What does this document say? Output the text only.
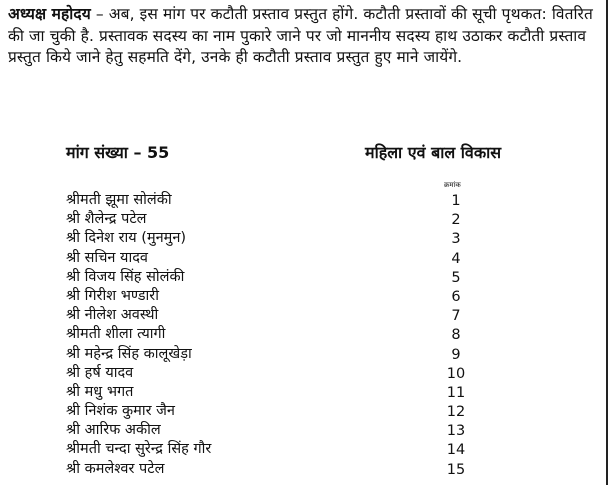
अध्यक्ष महोदय – अब, इस मांग पर कटौती प्रस्ताव प्रस्तुत होंगे. कटौती प्रस्तावों की सूची पृथकत: वितरित की जा चुकी है. प्रस्तावक सदस्य का नाम पुकारे जाने पर जो माननीय सदस्य हाथ उठाकर कटौती प्रस्ताव प्रस्तुत किये जाने हेतु सहमति देंगे, उनके ही कटौती प्रस्ताव प्रस्तुत हुए माने जायेंगे.
मांग संख्या – 55	महिला एवं बाल विकास
क्रमांक
श्रीमती झूमा सोलंकी	1
श्री शैलेन्द्र पटेल	2
श्री दिनेश राय (मुनमुन)	3
श्री सचिन यादव	4
श्री विजय सिंह सोलंकी	5
श्री गिरीश भण्डारी	6
श्री नीलेश अवस्थी	7
श्रीमती शीला त्यागी	8
श्री महेन्द्र सिंह कालूखेड़ा	9
श्री हर्ष यादव	10
श्री मधु भगत	11
श्री निशंक कुमार जैन	12
श्री आरिफ अकील	13
श्रीमती चन्दा सुरेन्द्र सिंह गौर	14
श्री कमलेश्वर पटेल	15
